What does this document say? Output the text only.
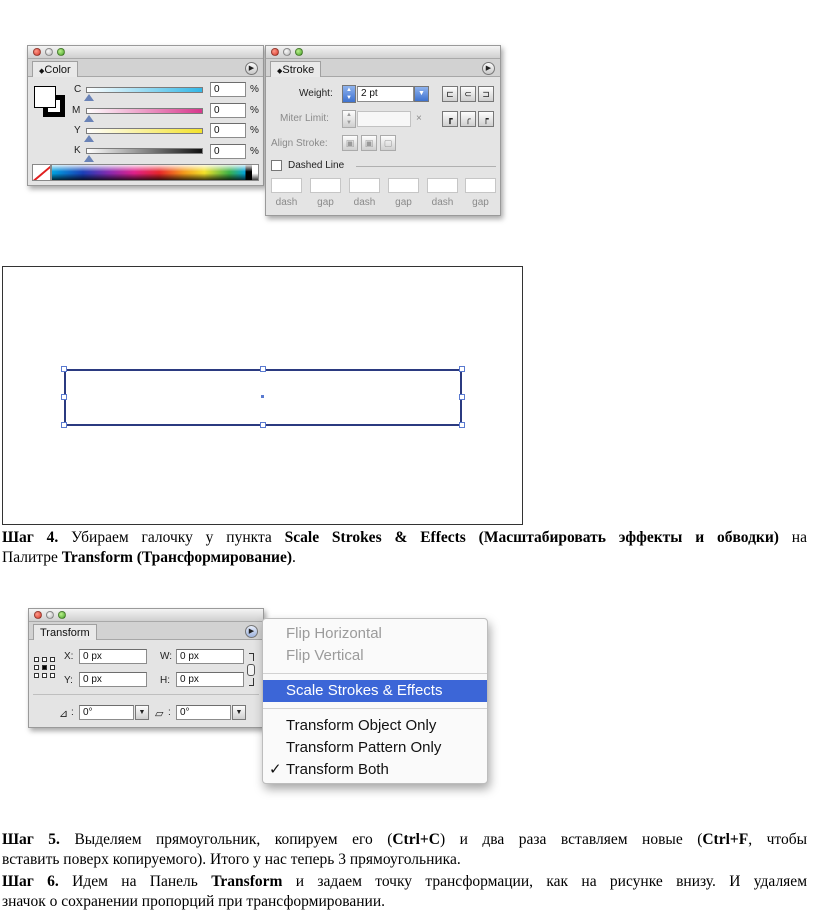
◆Color	▶
C	0	%
M	0	%
Y	0	%
K	0	%
◆Stroke	▶
Weight:	▲
▼ 2 pt	▼	⊏	⊂	⊐
Miter Limit:	▲
▼	×	┏	╭	┍
Align Stroke:	▣	▣	▢
Dashed Line
dash	gap	dash	gap	dash	gap
Шаг 4. Убираем галочку у пункта Scale Strokes & Effects (Масштабировать эффекты и обводки) на
Палитре Transform (Трансформирование).
Transform	▶
X: 0 px	W: 0 px
Y:	0 px	H:	0 px
⊿ : 0°	▼ ▱ : 0°	▼
Flip Horizontal
Flip Vertical
Scale Strokes & Effects
Transform Object Only
Transform Pattern Only
✓ Transform Both
Шаг 5. Выделяем прямоугольник, копируем его (Ctrl+C) и два раза вставляем новые (Ctrl+F, чтобы
вставить поверх копируемого). Итого у нас теперь 3 прямоугольника.
Шаг 6. Идем на Панель Transform и задаем точку трансформации, как на рисунке внизу. И удаляем
значок о сохранении пропорций при трансформировании.
